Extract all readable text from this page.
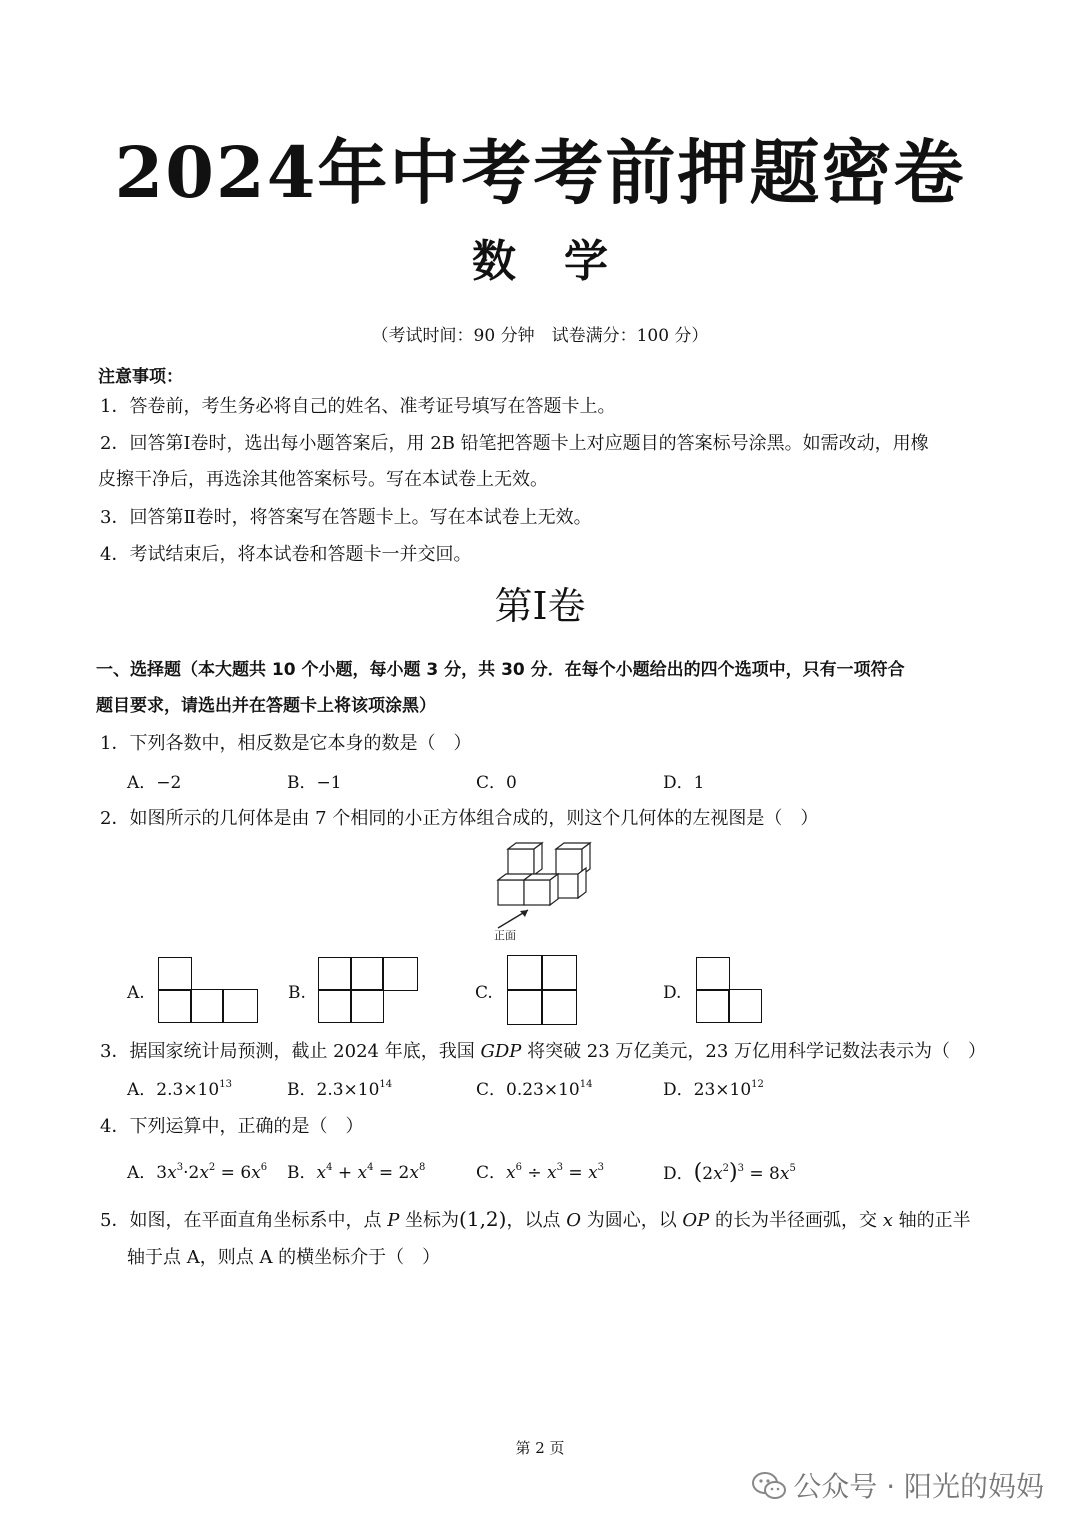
2024年中考考前押题密卷
数学
（考试时间：90 分钟　试卷满分：100 分）
注意事项：
1．答卷前，考生务必将自己的姓名、准考证号填写在答题卡上。
2．回答第Ⅰ卷时，选出每小题答案后，用 2B 铅笔把答题卡上对应题目的答案标号涂黑。如需改动，用橡
皮擦干净后，再选涂其他答案标号。写在本试卷上无效。
3．回答第Ⅱ卷时，将答案写在答题卡上。写在本试卷上无效。
4．考试结束后，将本试卷和答题卡一并交回。
第Ⅰ卷
一、选择题（本大题共 10 个小题，每小题 3 分，共 30 分．在每个小题给出的四个选项中，只有一项符合
题目要求，请选出并在答题卡上将该项涂黑）
1．下列各数中，相反数是它本身的数是（　）
A．−2	B．−1	C．0	D．1
2．如图所示的几何体是由 7 个相同的小正方体组合成的，则这个几何体的左视图是（　）
正面
A.	B.	C.	D.
3．据国家统计局预测，截止 2024 年底，我国 GDP 将突破 23 万亿美元，23 万亿用科学记数法表示为（　）
A．$2.3\times 10^{13}$	B．$2.3\times 10^{14}$	C．$0.23\times 10^{14}$	D．$23\times 10^{12}$
4．下列运算中，正确的是（　）
A．$3x^3\cdot 2x^2 = 6x^6$ B．$x^4 + x^4 = 2x^8$	C．$x^6 \div x^3 = x^3$	D．$(2x^2)^3 = 8x^5$
5．如图，在平面直角坐标系中，点 P 坐标为(1,2)，以点 O 为圆心，以 OP 的长为半径画弧，交 x 轴的正半
轴于点 A，则点 A 的横坐标介于（　）
第 2 页
公众号 · 阳光的妈妈
